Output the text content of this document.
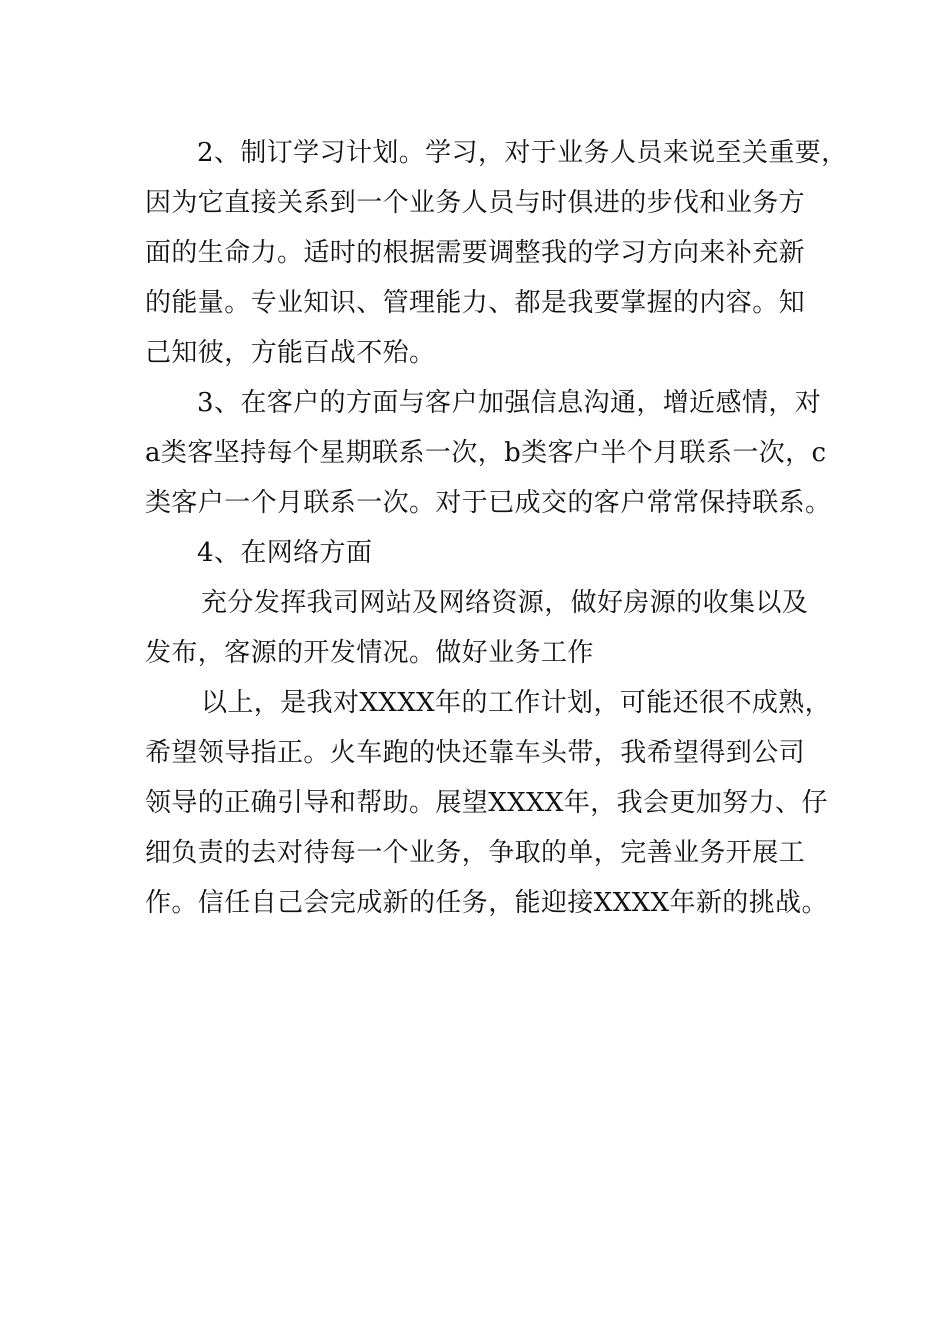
2、制订学习计划。学习，对于业务人员来说至关重要，
因为它直接关系到一个业务人员与时俱进的步伐和业务方
面的生命力。适时的根据需要调整我的学习方向来补充新
的能量。专业知识、管理能力、都是我要掌握的内容。知
己知彼，方能百战不殆。
3、在客户的方面与客户加强信息沟通，增近感情，对
a类客坚持每个星期联系一次，b类客户半个月联系一次，c
类客户一个月联系一次。对于已成交的客户常常保持联系。
4、在网络方面
充分发挥我司网站及网络资源，做好房源的收集以及
发布，客源的开发情况。做好业务工作
以上，是我对XXXX年的工作计划，可能还很不成熟，
希望领导指正。火车跑的快还靠车头带，我希望得到公司
领导的正确引导和帮助。展望XXXX年，我会更加努力、仔
细负责的去对待每一个业务，争取的单，完善业务开展工
作。信任自己会完成新的任务，能迎接XXXX年新的挑战。
